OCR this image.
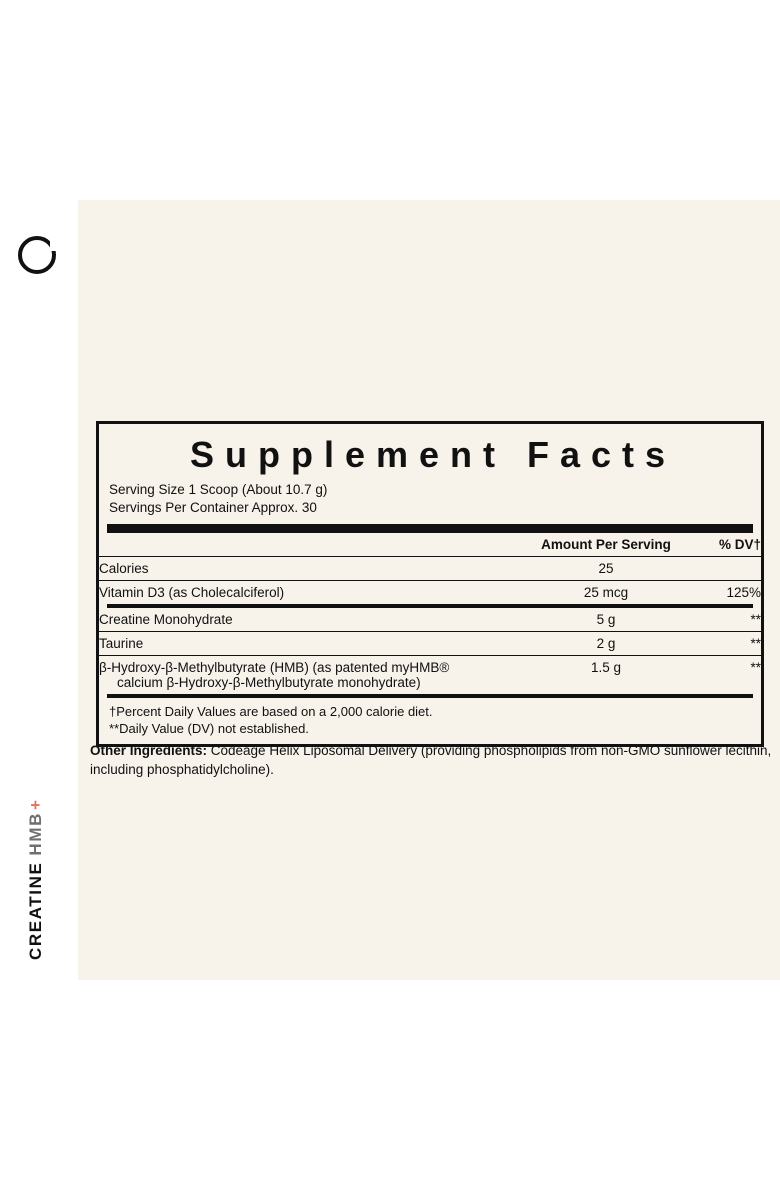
CREATINE
HMB
+
Supplement Facts
Serving Size 1 Scoop (About 10.7 g)
Servings Per Container Approx. 30
	Amount Per Serving	% DV†
Calories	25	
Vitamin D3 (as Cholecalciferol)	25 mcg	125%
Creatine Monohydrate	5 g	**
Taurine	2 g	**
β-Hydroxy-β-Methylbutyrate (HMB) (as patented myHMB®
calcium β-Hydroxy-β-Methylbutyrate monohydrate)	1.5 g	**
†Percent Daily Values are based on a 2,000 calorie diet.
**Daily Value (DV) not established.
Other Ingredients: Codeage Helix Liposomal Delivery (providing phospholipids from non-GMO sunflower lecithin, including phosphatidylcholine).
